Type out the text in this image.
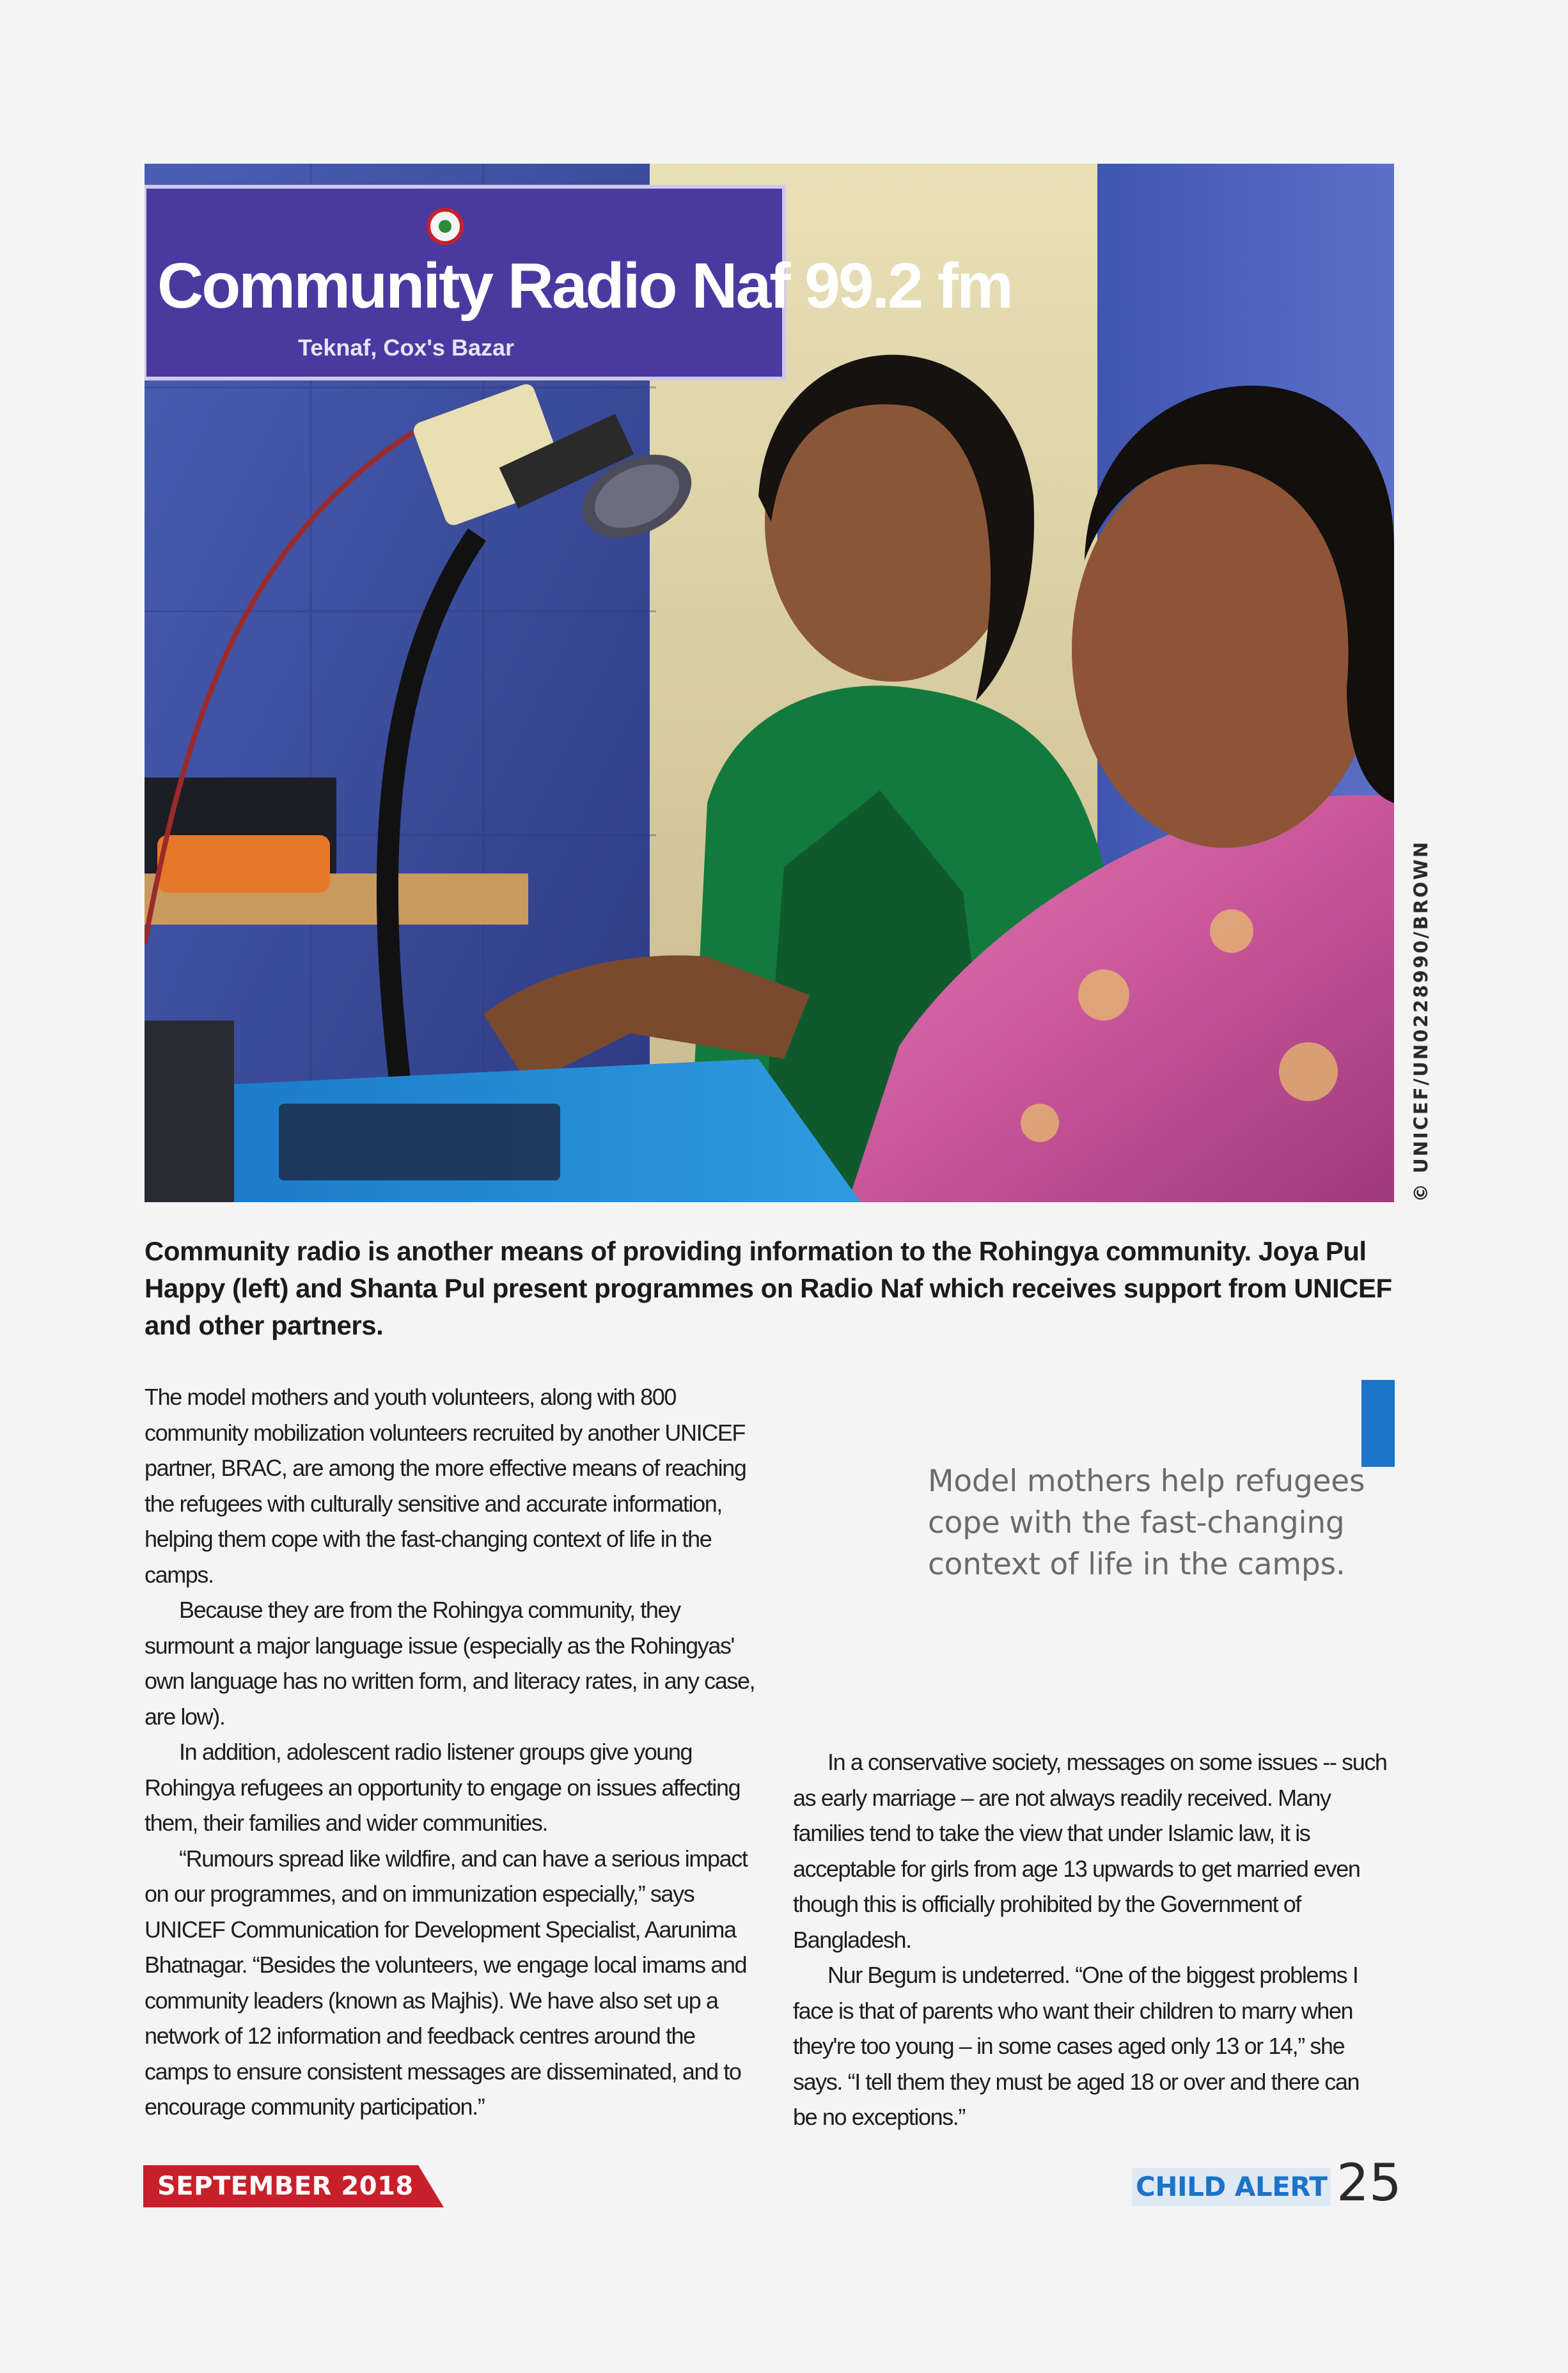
Community Radio Naf 99.2 fm
Teknaf, Cox's Bazar
© UNICEF/UN0228990/BROWN
Community radio is another means of providing information to the Rohingya community. Joya Pul Happy (left) and Shanta Pul present programmes on Radio Naf which receives support from UNICEF and other partners.

The model mothers and youth volunteers, along with 800 community mobilization volunteers recruited by another UNICEF partner, BRAC, are among the more effective means of reaching the refugees with culturally sensitive and accurate information, helping them cope with the fast-changing context of life in the camps.

Because they are from the Rohingya community, they surmount a major language issue (especially as the Rohingyas' own language has no written form, and literacy rates, in any case, are low).

In addition, adolescent radio listener groups give young Rohingya refugees an opportunity to engage on issues affecting them, their families and wider communities.

“Rumours spread like wildfire, and can have a serious impact on our programmes, and on immunization especially,” says UNICEF Communication for Development Specialist, Aarunima Bhatnagar. “Besides the volunteers, we engage local imams and community leaders (known as Majhis). We have also set up a network of 12 information and feedback centres around the camps to ensure consistent messages are disseminated, and to encourage community participation.”

Model mothers help refugees cope with the fast-changing context of life in the camps.

In a conservative society, messages on some issues -- such as early marriage – are not always readily received. Many families tend to take the view that under Islamic law, it is acceptable for girls from age 13 upwards to get married even though this is officially prohibited by the Government of Bangladesh.

Nur Begum is undeterred. “One of the biggest problems I face is that of parents who want their children to marry when they're too young – in some cases aged only 13 or 14,” she says. “I tell them they must be aged 18 or over and there can be no exceptions.”

SEPTEMBER 2018	CHILD ALERT 25
